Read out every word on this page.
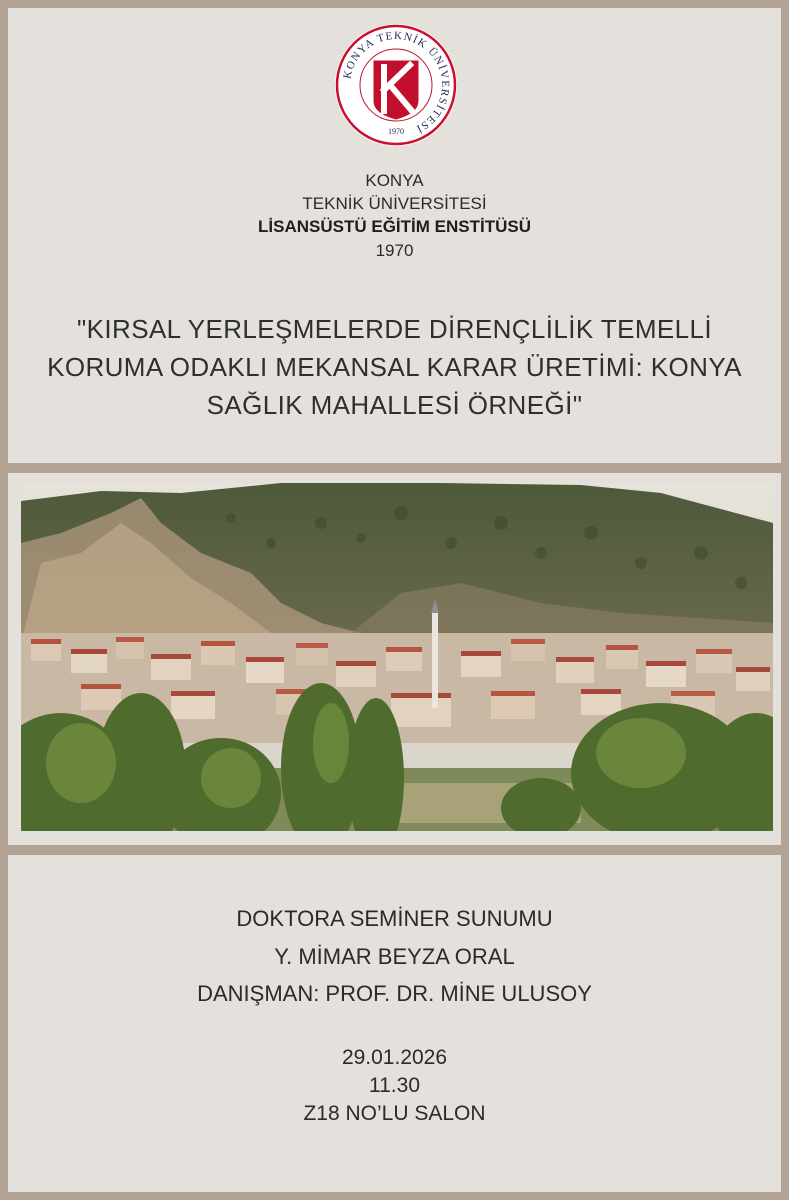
KONYA TEKNİK ÜNİVERSİTESİ
1970
KONYA
TEKNİK ÜNİVERSİTESİ
LİSANSÜSTÜ EĞİTİM ENSTİTÜSÜ
1970
"KIRSAL YERLEŞMELERDE DİRENÇLİLİK TEMELLİ
KORUMA ODAKLI MEKANSAL KARAR ÜRETİMİ: KONYA
SAĞLIK MAHALLESİ ÖRNEĞİ"
DOKTORA SEMİNER SUNUMU
Y. MİMAR BEYZA ORAL
DANIŞMAN: PROF. DR. MİNE ULUSOY
29.01.2026
11.30
Z18 NO’LU SALON
